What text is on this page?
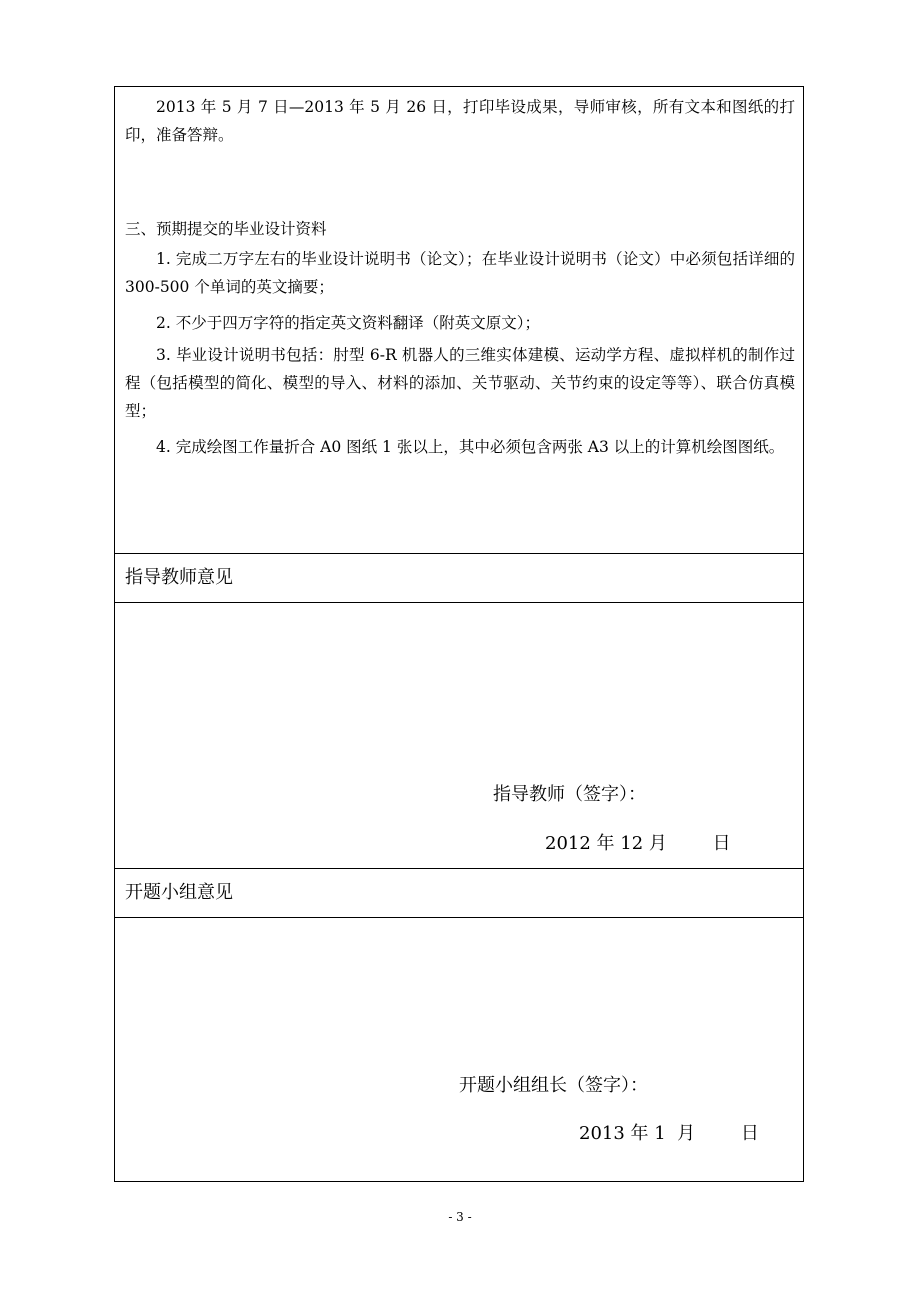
2013 年 5 月 7 日—2013 年 5 月 26 日，打印毕设成果，导师审核，所有文本和图纸的打印，准备答辩。

三、预期提交的毕业设计资料

1. 完成二万字左右的毕业设计说明书（论文）；在毕业设计说明书（论文）中必须包括详细的 300-500 个单词的英文摘要；

2. 不少于四万字符的指定英文资料翻译（附英文原文）；

3. 毕业设计说明书包括：肘型 6-R 机器人的三维实体建模、运动学方程、虚拟样机的制作过程（包括模型的简化、模型的导入、材料的添加、关节驱动、关节约束的设定等等）、联合仿真模型；

4. 完成绘图工作量折合 A0 图纸 1 张以上，其中必须包含两张 A3 以上的计算机绘图图纸。

指导教师意见

指导教师（签字）：

2012 年 12 月        日

开题小组意见

开题小组组长（签字）：

2013 年 1  月        日

- 3 -
